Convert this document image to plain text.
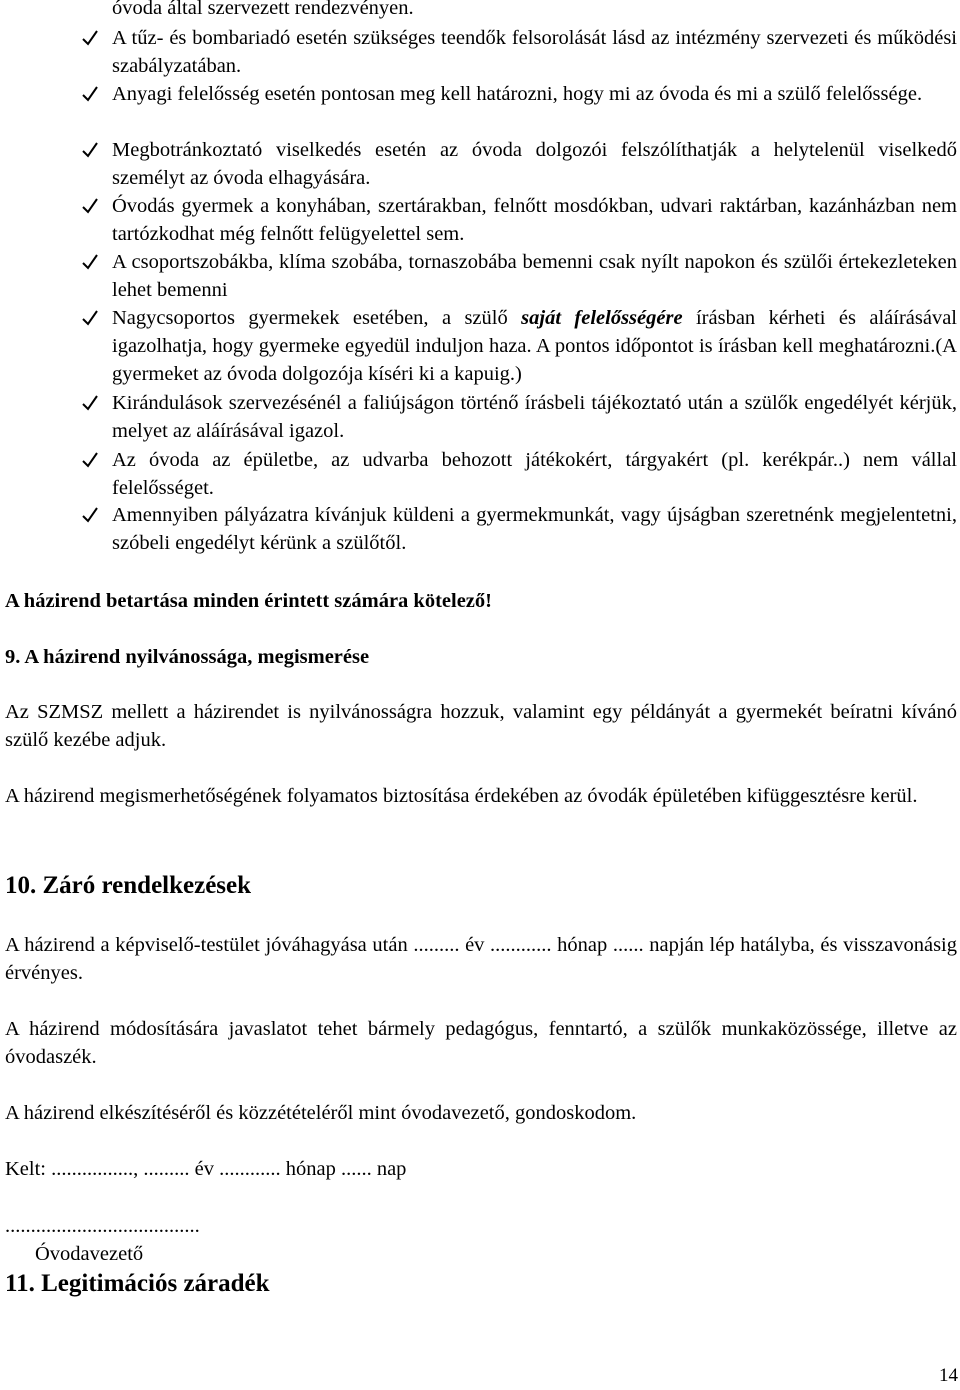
óvoda által szervezett rendezvényen.
A tűz- és bombariadó esetén szükséges teendők felsorolását lásd az intézmény szervezeti és működési szabályzatában.
Anyagi felelősség esetén pontosan meg kell határozni, hogy mi az óvoda és mi a szülő felelőssége.
Megbotránkoztató viselkedés esetén az óvoda dolgozói felszólíthatják a helytelenül viselkedő személyt az óvoda elhagyására.
Óvodás gyermek a konyhában, szertárakban, felnőtt mosdókban, udvari raktárban, kazánházban nem tartózkodhat még felnőtt felügyelettel sem.
A csoportszobákba, klíma szobába, tornaszobába bemenni csak nyílt napokon és szülői értekezleteken lehet bemenni
Nagycsoportos gyermekek esetében, a szülő saját felelősségére írásban kérheti és aláírásával igazolhatja, hogy gyermeke egyedül induljon haza. A pontos időpontot is írásban kell meghatározni.(A gyermeket az óvoda dolgozója kíséri ki a kapuig.)
Kirándulások szervezésénél a faliújságon történő írásbeli tájékoztató után a szülők engedélyét kérjük, melyet az aláírásával igazol.
Az óvoda az épületbe, az udvarba behozott játékokért, tárgyakért (pl. kerékpár..) nem vállal felelősséget.
Amennyiben pályázatra kívánjuk küldeni a gyermekmunkát, vagy újságban szeretnénk megjelentetni, szóbeli engedélyt kérünk a szülőtől.
A házirend betartása minden érintett számára kötelező!
9. A házirend nyilvánossága, megismerése
Az SZMSZ mellett a házirendet is nyilvánosságra hozzuk, valamint egy példányát a gyermekét beíratni kívánó szülő kezébe adjuk.
A házirend megismerhetőségének folyamatos biztosítása érdekében az óvodák épületében kifüggesztésre kerül.
10. Záró rendelkezések
A házirend a képviselő-testület jóváhagyása után ......... év ............ hónap ...... napján lép hatályba, és visszavonásig érvényes.
A házirend módosítására javaslatot tehet bármely pedagógus, fenntartó, a szülők munkaközössége, illetve az óvodaszék.
A házirend elkészítéséről és közzétételéről mint óvodavezető, gondoskodom.
Kelt: ................, ......... év ............ hónap ...... nap
......................................
Óvodavezető
11. Legitimációs záradék
14
